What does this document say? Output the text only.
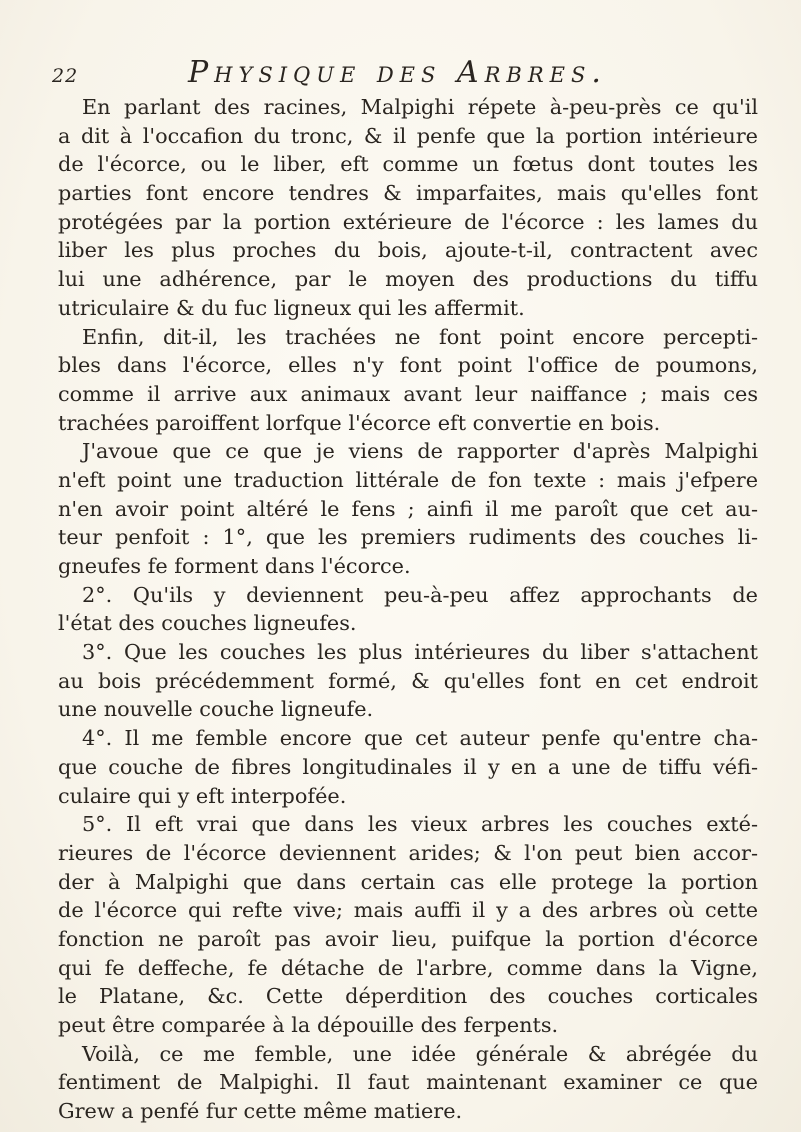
22	Physique des Arbres.
En parlant des racines, Malpighi répete à-peu-près ce qu'il
a dit à l'occafion du tronc, & il penfe que la portion intérieure
de l'écorce, ou le liber, eft comme un fœtus dont toutes les
parties font encore tendres & imparfaites, mais qu'elles font
protégées par la portion extérieure de l'écorce : les lames du
liber les plus proches du bois, ajoute-t-il, contractent avec
lui une adhérence, par le moyen des productions du tiffu
utriculaire & du fuc ligneux qui les affermit.
Enfin, dit-il, les trachées ne font point encore percepti-
bles dans l'écorce, elles n'y font point l'office de poumons,
comme il arrive aux animaux avant leur naiffance ; mais ces
trachées paroiffent lorfque l'écorce eft convertie en bois.
J'avoue que ce que je viens de rapporter d'après Malpighi
n'eft point une traduction littérale de fon texte : mais j'efpere
n'en avoir point altéré le fens ; ainfi il me paroît que cet au-
teur penfoit : 1°, que les premiers rudiments des couches li-
gneufes fe forment dans l'écorce.
2°. Qu'ils y deviennent peu-à-peu affez approchants de
l'état des couches ligneufes.
3°. Que les couches les plus intérieures du liber s'attachent
au bois précédemment formé, & qu'elles font en cet endroit
une nouvelle couche ligneufe.
4°. Il me femble encore que cet auteur penfe qu'entre cha-
que couche de fibres longitudinales il y en a une de tiffu véfi-
culaire qui y eft interpofée.
5°. Il eft vrai que dans les vieux arbres les couches exté-
rieures de l'écorce deviennent arides; & l'on peut bien accor-
der à Malpighi que dans certain cas elle protege la portion
de l'écorce qui refte vive; mais auffi il y a des arbres où cette
fonction ne paroît pas avoir lieu, puifque la portion d'écorce
qui fe deffeche, fe détache de l'arbre, comme dans la Vigne,
le Platane, &c. Cette déperdition des couches corticales
peut être comparée à la dépouille des ferpents.
Voilà, ce me femble, une idée générale & abrégée du
fentiment de Malpighi. Il faut maintenant examiner ce que
Grew a penfé fur cette même matiere.
